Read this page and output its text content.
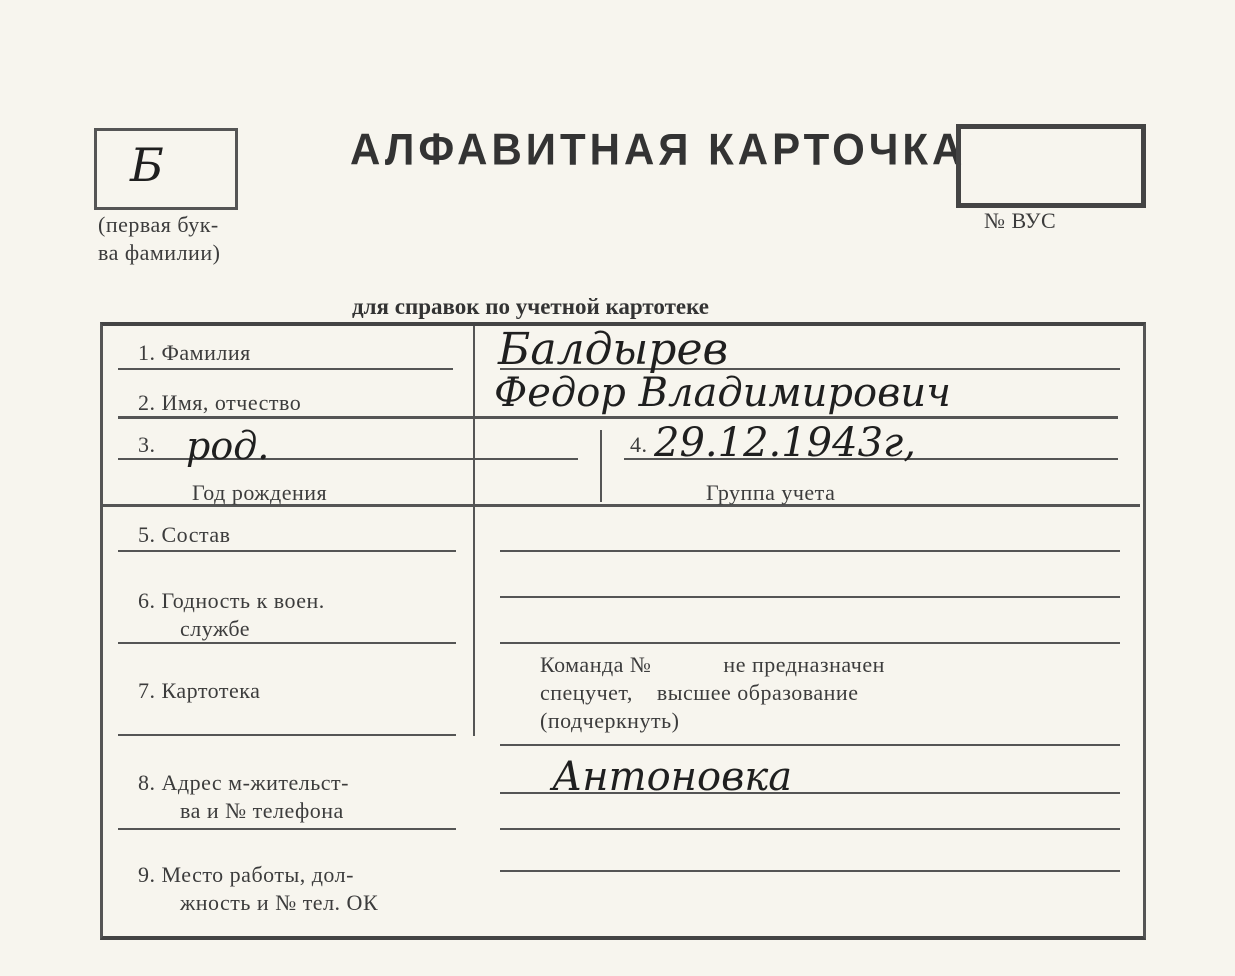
Б
(первая бук-
ва фамилии)
АЛФАВИТНАЯ КАРТОЧКА
№ ВУС
для справок по учетной картотеке
1. Фамилия	Балдырев
2. Имя, отчество	Федор Владимирович
3. род.
Год рождения
4. 29.12.1943г,
Группа учета
5. Состав
6. Годность к воен.
службе
7. Картотека
Команда №            не предназначен
спецучет,    высшее образование
(подчеркнуть)
8. Адрес м-жительст-
ва и № телефона
Антоновка
9. Место работы, дол-
жность и № тел. ОК
